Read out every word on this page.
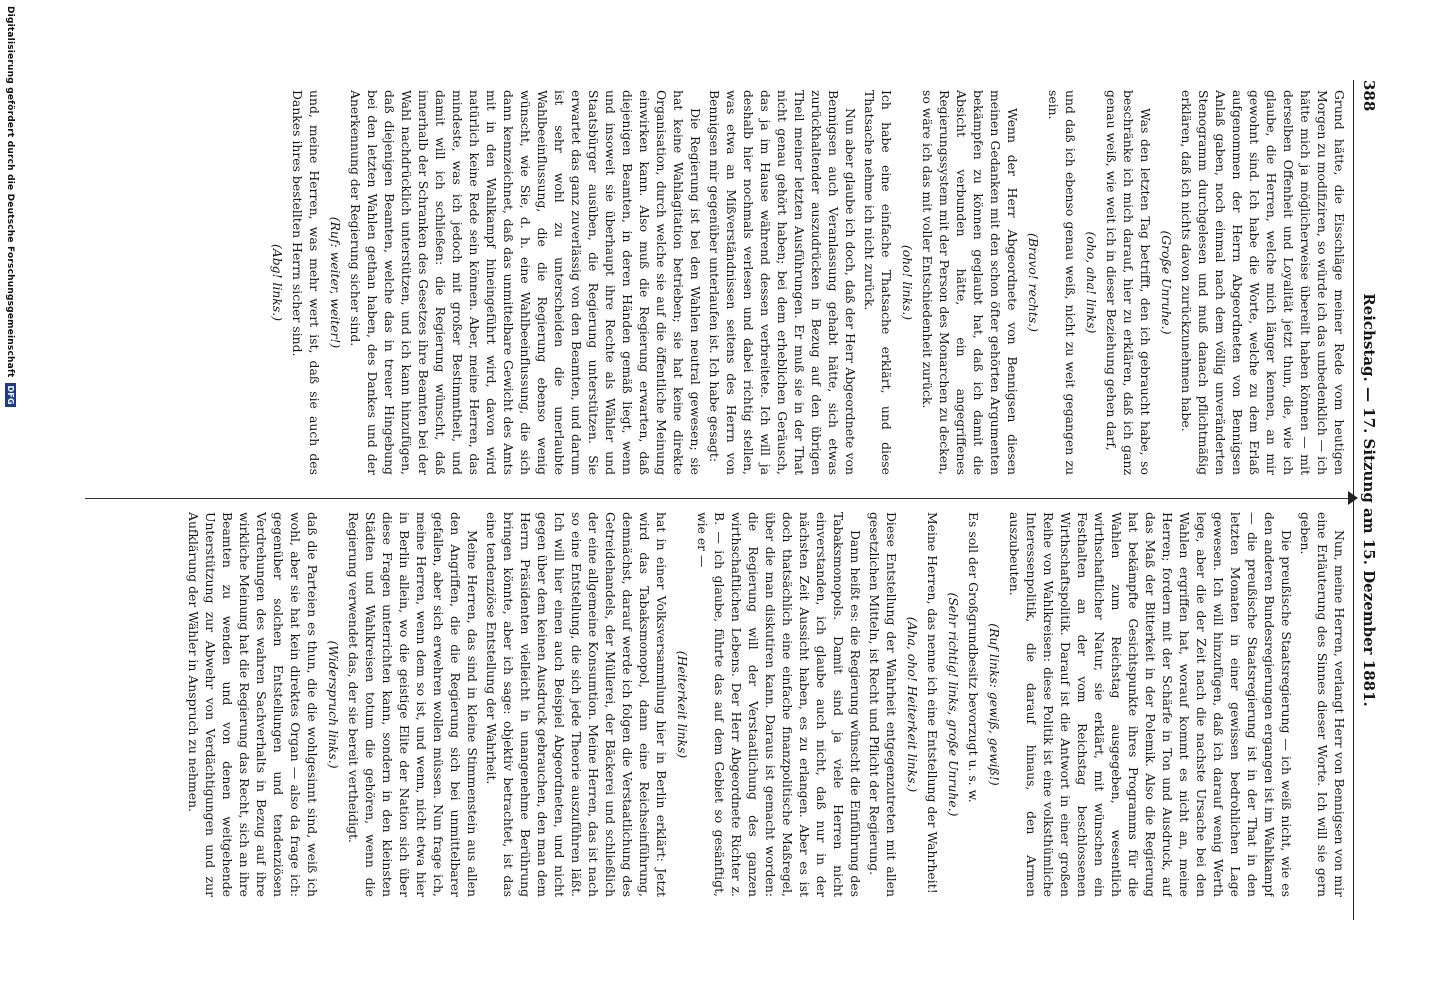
388
Reichstag. — 17. Sitzung am 15. Dezember 1881.

Grund hätte, die Eisschläge meiner Rede vom heutigen Morgen zu modifiziren, so würde ich das unbedenklich — ich hätte mich ja möglicherweise übereilt haben können — mit derselben Offenheit und Loyalität jetzt thun, die, wie ich glaube, die Herren, welche mich länger kennen, an mir gewohnt sind. Ich habe die Worte, welche zu dem Erlaß aufgenommen der Herrn Abgeordneten von Bennigsen Anlaß gaben, noch einmal nach dem völlig unveränderten Stenogramm durchgelesen und muß danach pflichtmäßig erklären, daß ich nichts davon zurückzunehmen habe.

(Große Unruhe.)

Was den letzten Tag betrifft, den ich gebraucht habe, so beschränke ich mich darauf, hier zu erklären, daß ich ganz genau weiß, wie weit ich in dieser Beziehung gehen darf,

(oho, aha! links)

und daß ich ebenso genau weiß, nicht zu weit gegangen zu sein.

(Bravo! rechts.)

Wenn der Herr Abgeordnete von Bennigsen diesen meinen Gedanken mit den schon öfter gehörten Argumenten bekämpfen zu können geglaubt hat, daß ich damit die Absicht verbunden hätte, ein angegriffenes Regierungssystem mit der Person des Monarchen zu decken, so wäre ich das mit voller Entschiedenheit zurück.

(oho! links.)

Ich habe eine einfache Thatsache erklärt, und diese Thatsache nehme ich nicht zurück.

Nun aber glaube ich doch, daß der Herr Abgeordnete von Bennigsen auch Veranlassung gehabt hätte, sich etwas zurückhaltender auszudrücken in Bezug auf den übrigen Theil meiner letzten Ausführungen. Er muß sie in der That nicht genau gehört haben; bei dem erheblichen Geräusch, das ja im Hause während dessen verbreitete. Ich will ja deshalb hier nochmals verlesen und dabei richtig stellen, was etwa an Mißverständnissen seitens des Herrn von Bennigsen mir gegenüber unterlaufen ist. Ich habe gesagt:

Die Regierung ist bei den Wahlen neutral gewesen; sie hat keine Wahlagitation betrieben; sie hat keine direkte Organisation, durch welche sie auf die öffentliche Meinung einwirken kann. Also muß die Regierung erwarten, daß diejenigen Beamten, in deren Händen gemäß liegt, wenn und insoweit sie überhaupt ihre Rechte als Wähler und Staatsbürger ausüben, die Regierung unterstützen. Sie erwartet das ganz zuverlässig von den Beamten, und darum ist sehr wohl zu unterscheiden die unerlaubte Wahlbeeinflussung, die die Regierung ebenso wenig wünscht, wie Sie, d. h. eine Wahlbeeinflussung, die sich dann kennzeichnet, daß das unmittelbare Gewicht des Amts mit in den Wahlkampf hineingeführt wird, davon wird natürlich keine Rede sein können. Aber, meine Herren, das mindeste, was ich jedoch mit großer Bestimmtheit, und damit will ich schließen: die Regierung wünscht, daß innerhalb der Schranken des Gesetzes ihre Beamten bei der Wahl nachdrücklich unterstützen, und ich kann hinzufügen, daß diejenigen Beamten, welche das in treuer Hingebung bei den letzten Wahlen gethan haben, des Dankes und der Anerkennung der Regierung sicher sind.

(Ruf: weiter, weiter!)

und, meine Herren, was mehr wert ist, daß sie auch des Dankes ihres bestellten Herrn sicher sind.

(Abg! links.)

Nun, meine Herren, verlangt Herr von Bennigsen von mir eine Erläuterung des Sinnes dieser Worte. Ich will sie gern geben.

Die preußische Staatsregierung — ich weiß nicht, wie es den anderen Bundesregierungen ergangen ist im Wahlkampf — die preußische Staatsregierung ist in der That in den letzten Monaten in einer gewissen bedrohlichen Lage gewesen. Ich will hinzufügen, daß ich darauf wenig Werth lege, aber die der Zeit nach die nachste Ursache bei den Wahlen ergriffen hat, worauf kommt es nicht an, meine Herren; fordern mit der Schärfe in Ton und Ausdruck, auf das Maß der Bitterkeit in der Polemik. Also die Regierung hat bekämpfte Gesichtspunkte ihres Programms für die Wahlen zum Reichstag ausgegeben, wesentlich wirthschaftlicher Natur, sie erklärt, mit wünschen ein Festhalten an der vom Reichstag beschlossenen Wirthschaftspolitik. Darauf ist die Antwort in einer großen Reihe von Wahlkreisen: diese Politik ist eine volksthümliche Interessenpolitik, die darauf hinaus, den Armen auszubeuten.

(Ruf links: gewiß, gewiß!)

Es soll der Großgrundbesitz bevorzugt u. s. w.

(Sehr richtig! links, große Unruhe.)

Meine Herren, das nenne ich eine Entstellung der Wahrheit!

(Aha, oho! Heiterkeit links.)

Diese Entstellung der Wahrheit entgegenzutreten mit allen gesetzlichen Mitteln, ist Recht und Pflicht der Regierung.

Dann heißt es: die Regierung wünscht die Einführung des Tabaksmonopols. Damit sind ja viele Herren nicht einverstanden, ich glaube auch nicht, daß nur in der nächsten Zeit Aussicht haben, es zu erlangen. Aber es ist doch thatsächlich eine einfache finanzpolitische Maßregel, über die man diskutiren kann. Daraus ist gemacht worden: die Regierung will der Verstaatlichung des ganzen wirthschaftlichen Lebens. Der Herr Abgeordnete Richter z. B. — ich glaube, führte das auf dem Gebiet so gesänftigt, wie er —

(Heiterkeit links)

hat in einer Volksversammlung hier in Berlin erklärt: Jetzt wird das Tabaksmonopol, dann eine Reichseinführung, demnächst, darauf werde ich folgen die Verstaatlichung des Getreidehandels, der Müllerei, der Bäckerei und schließlich der eine allgemeine Konsumtion. Meine Herren, das ist nach so eine Entstellung, die sich jede Theorie auszuführen läßt. Ich will hier einen auch Beispiel Abgeordneten, und nicht gegen über dem keinen Ausdruck gebrauchen, den man dem Herrn Präsidenten vielleicht in unangenehme Berührung bringen könnte, aber ich sage: objektiv betrachtet, ist das eine tendenziöse Entstellung der Wahrheit.

Meine Herren, das sind in kleine Stimmenstein aus allen den Angriffen, die die Regierung sich bei unmittelbarer gefallen, aber sich erwehren wollen müssen. Nun frage ich, meine Herren, wenn dem so ist, und wenn, nicht etwa hier in Berlin allein, wo die geistige Elite der Nation sich über diese Fragen unterrichten kann, sondern in den kleinsten Städten und Wahlkreisen totum die gehören, wenn die Regierung verwendet das, der sie bereit vertheidigt.

(Widerspruch links.)

daß die Parteien es thun, die die wohlgesinnt sind, weiß ich wohl, aber sie hat kein direktes Organ — also da frage ich: gegenüber solchen Entstellungen und tendenziösen Verdrehungen des wahren Sachverhalts in Bezug auf ihre wirkliche Meinung hat die Regierung das Recht, sich an ihre Beamten zu wenden und von denen weitgehende Unterstützung zur Abwehr von Verdächtigungen und zur Aufklärung der Wähler in Anspruch zu nehmen.

Digitalisierung gefördert durch die Deutsche ForschungsgemeinschaftDFG
